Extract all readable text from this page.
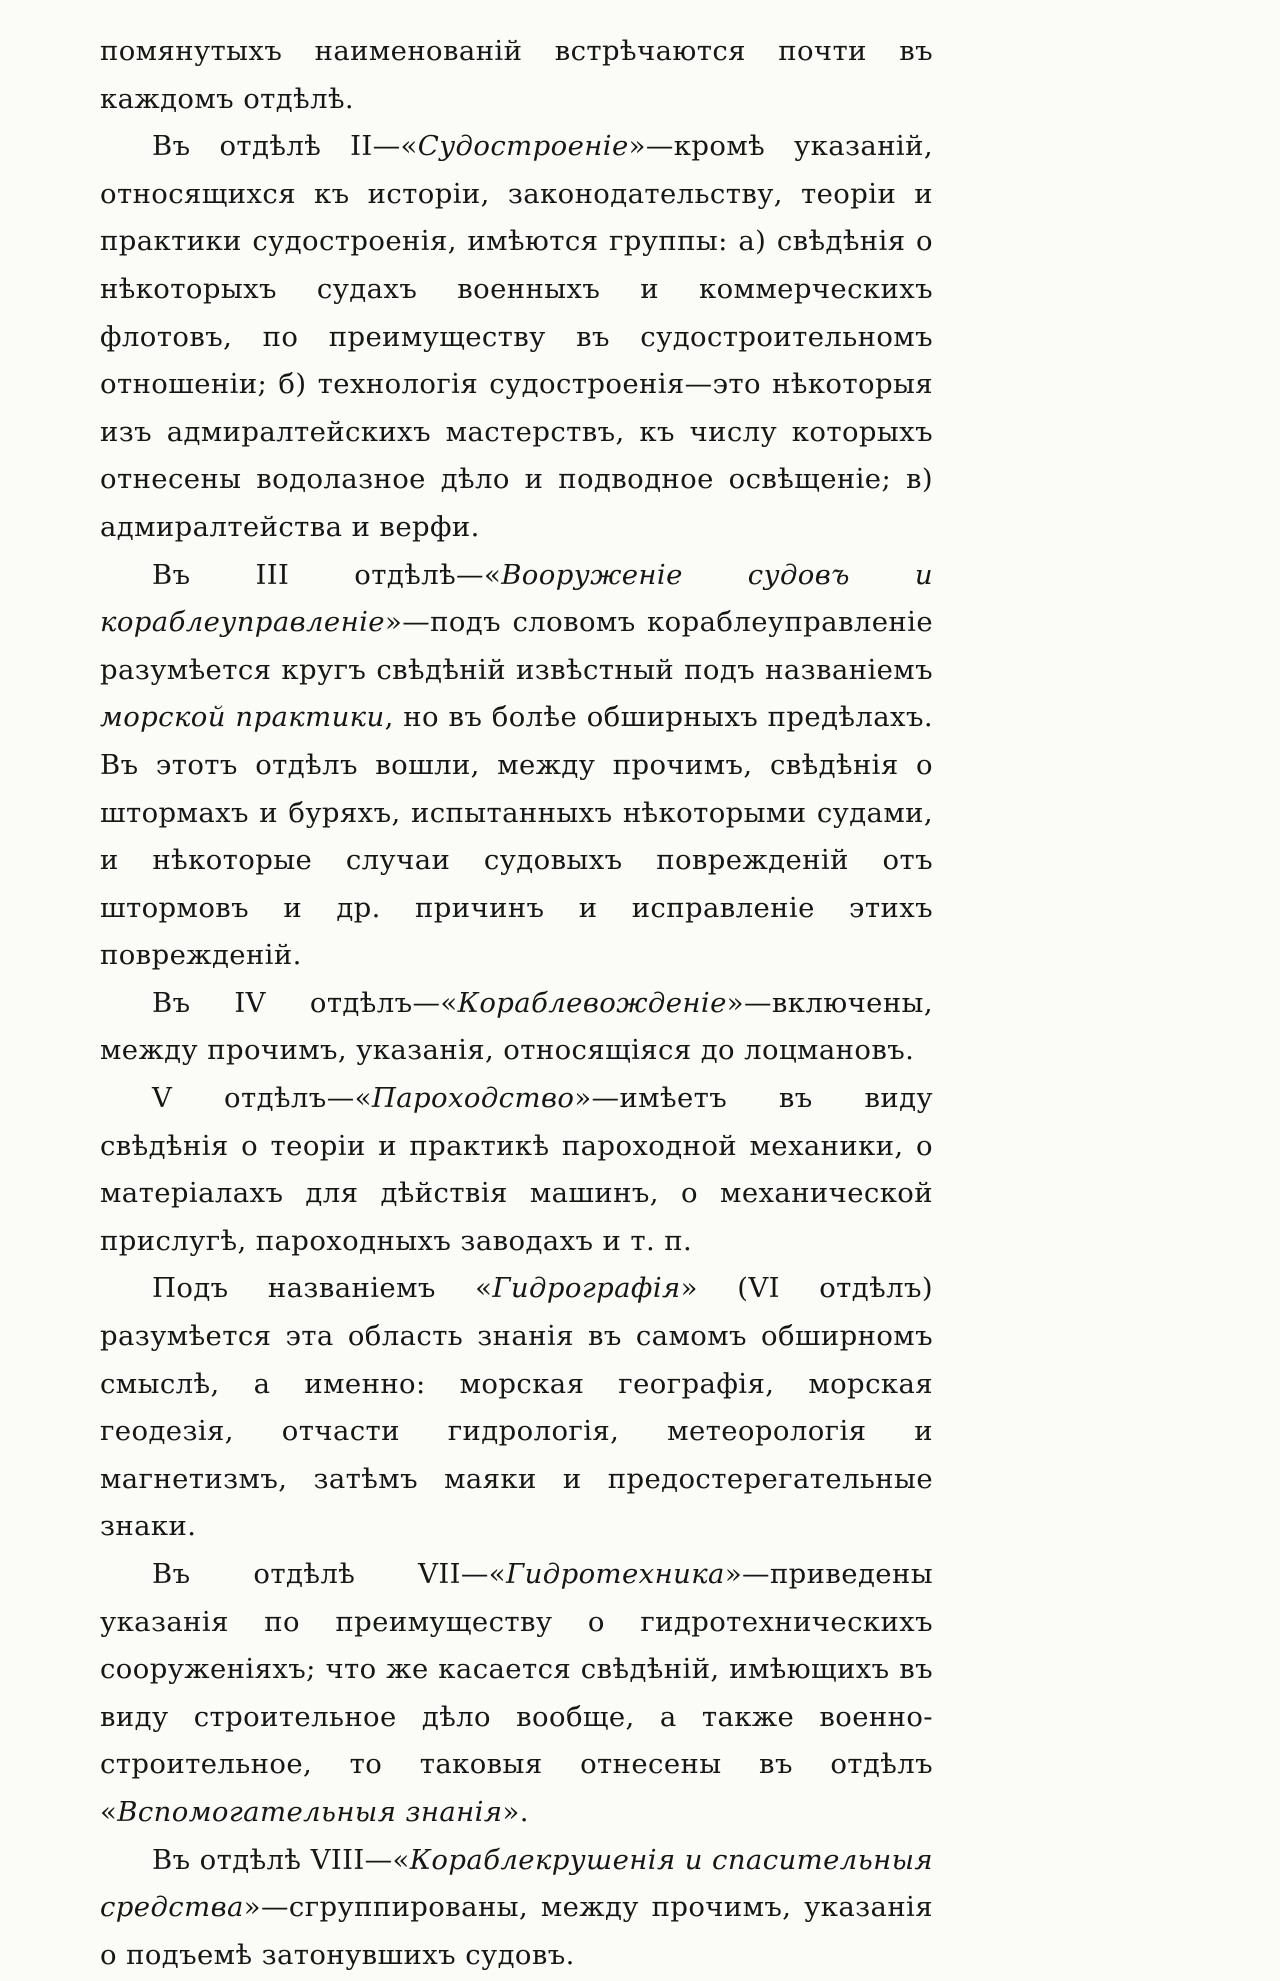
помянутыхъ наименованій встрѣчаются почти въ каждомъ отдѣлѣ.

Въ отдѣлѣ II—«Судостроеніе»—кромѣ указаній, относящихся къ исторіи, законодательству, теоріи и практики судостроенія, имѣются группы: а) свѣдѣнія о нѣкоторыхъ судахъ военныхъ и коммерческихъ флотовъ, по преимуществу въ судостроительномъ отношеніи; б) технологія судостроенія—это нѣкоторыя изъ адмиралтейскихъ мастерствъ, къ числу которыхъ отнесены водолазное дѣло и подводное освѣщеніе; в) адмиралтейства и верфи.

Въ III отдѣлѣ—«Вооруженіе судовъ и кораблеуправленіе»—подъ словомъ кораблеуправленіе разумѣется кругъ свѣдѣній извѣстный подъ названіемъ морской практики, но въ болѣе обширныхъ предѣлахъ. Въ этотъ отдѣлъ вошли, между прочимъ, свѣдѣнія о штормахъ и буряхъ, испытанныхъ нѣкоторыми судами, и нѣкоторые случаи судовыхъ поврежденій отъ штормовъ и др. причинъ и исправленіе этихъ поврежденій.

Въ IV отдѣлъ—«Кораблевожденіе»—включены, между прочимъ, указанія, относящіяся до лоцмановъ.

V отдѣлъ—«Пароходство»—имѣетъ въ виду свѣдѣнія о теоріи и практикѣ пароходной механики, о матеріалахъ для дѣйствія машинъ, о механической прислугѣ, пароходныхъ заводахъ и т. п.

Подъ названіемъ «Гидрографія» (VI отдѣлъ) разумѣется эта область знанія въ самомъ обширномъ смыслѣ, а именно: морская географія, морская геодезія, отчасти гидрологія, метеорологія и магнетизмъ, затѣмъ маяки и предостерегательные знаки.

Въ отдѣлѣ VII—«Гидротехника»—приведены указанія по преимуществу о гидротехническихъ сооруженіяхъ; что же касается свѣдѣній, имѣющихъ въ виду строительное дѣло вообще, а также военно-строительное, то таковыя отнесены въ отдѣлъ «Вспомогательныя знанія».

Въ отдѣлѣ VIII—«Кораблекрушенія и спасительныя средства»—сгруппированы, между прочимъ, указанія о подъемѣ затонувшихъ судовъ.
